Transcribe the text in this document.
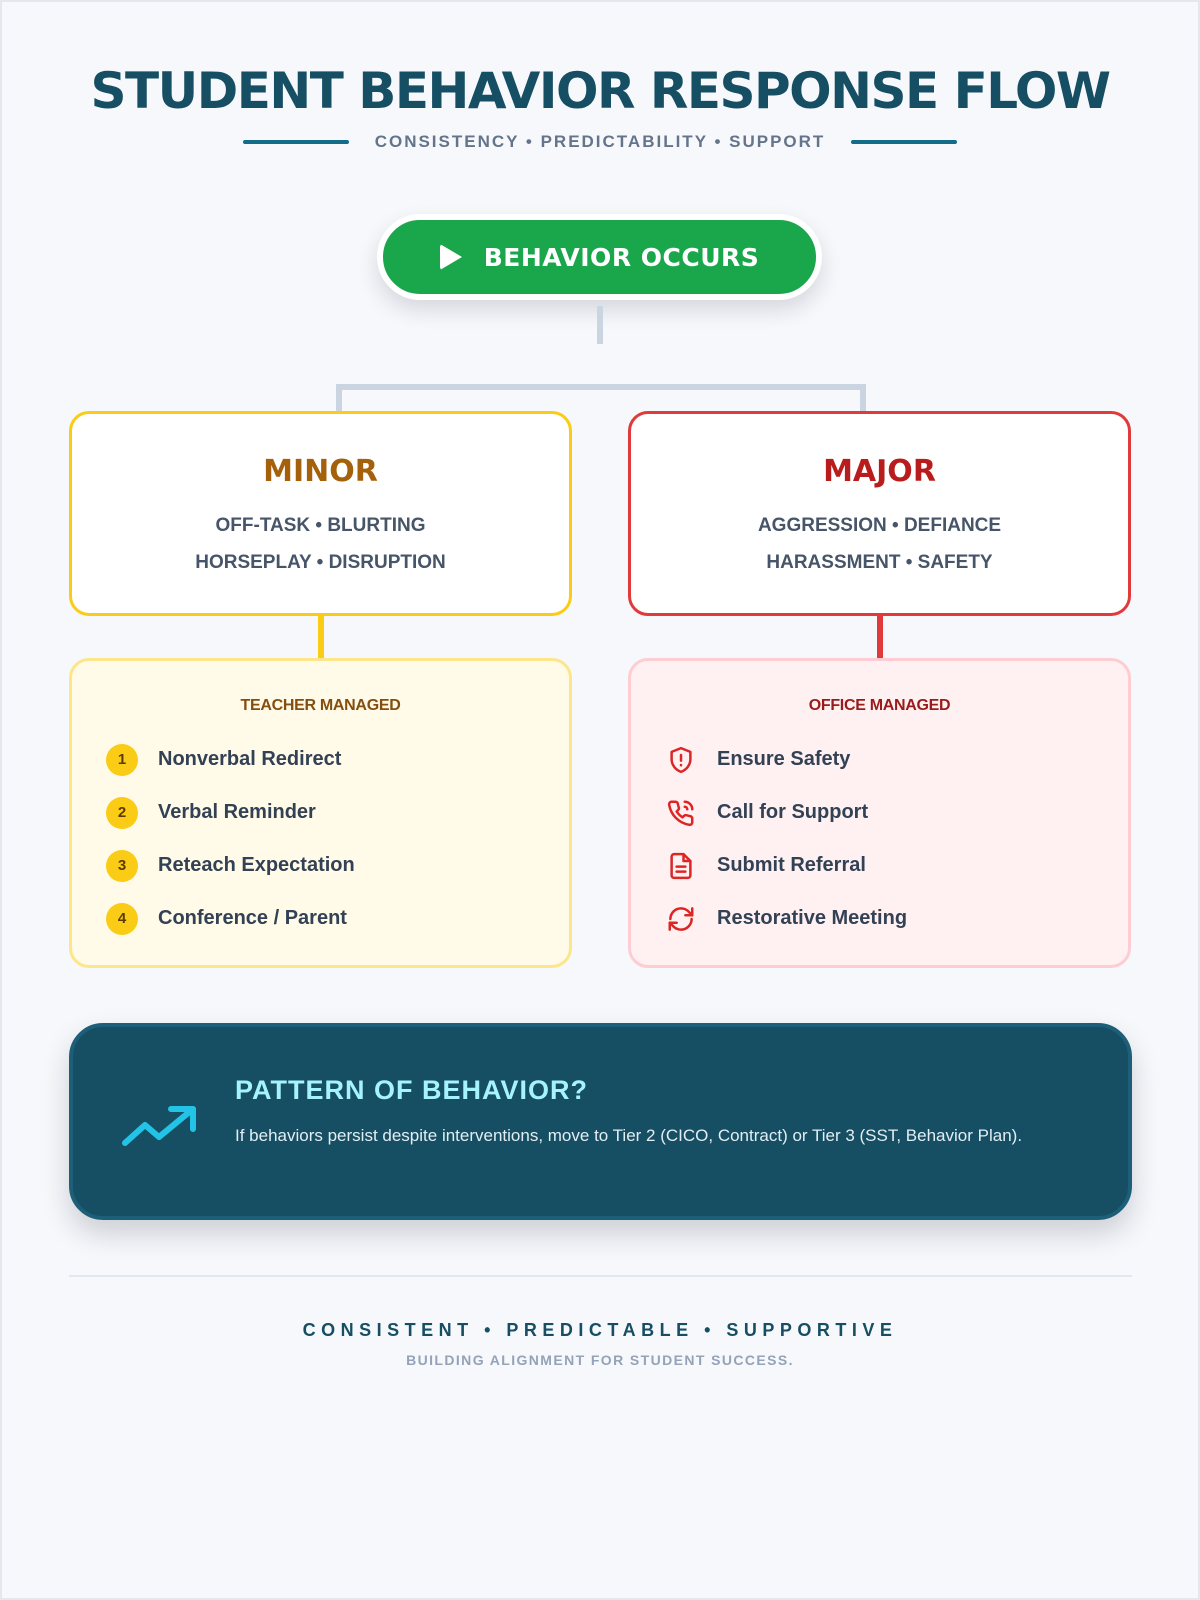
STUDENT BEHAVIOR RESPONSE FLOW
CONSISTENCY • PREDICTABILITY • SUPPORT
BEHAVIOR OCCURS
MINOR
OFF-TASK • BLURTING
HORSEPLAY • DISRUPTION
MAJOR
AGGRESSION • DEFIANCE
HARASSMENT • SAFETY
TEACHER MANAGED
1	Nonverbal Redirect
2	Verbal Reminder
3	Reteach Expectation
4	Conference / Parent
OFFICE MANAGED
Ensure Safety
Call for Support
Submit Referral
Restorative Meeting
PATTERN OF BEHAVIOR?
If behaviors persist despite interventions, move to Tier 2 (CICO, Contract) or Tier 3 (SST, Behavior Plan).
CONSISTENT • PREDICTABLE • SUPPORTIVE
BUILDING ALIGNMENT FOR STUDENT SUCCESS.
